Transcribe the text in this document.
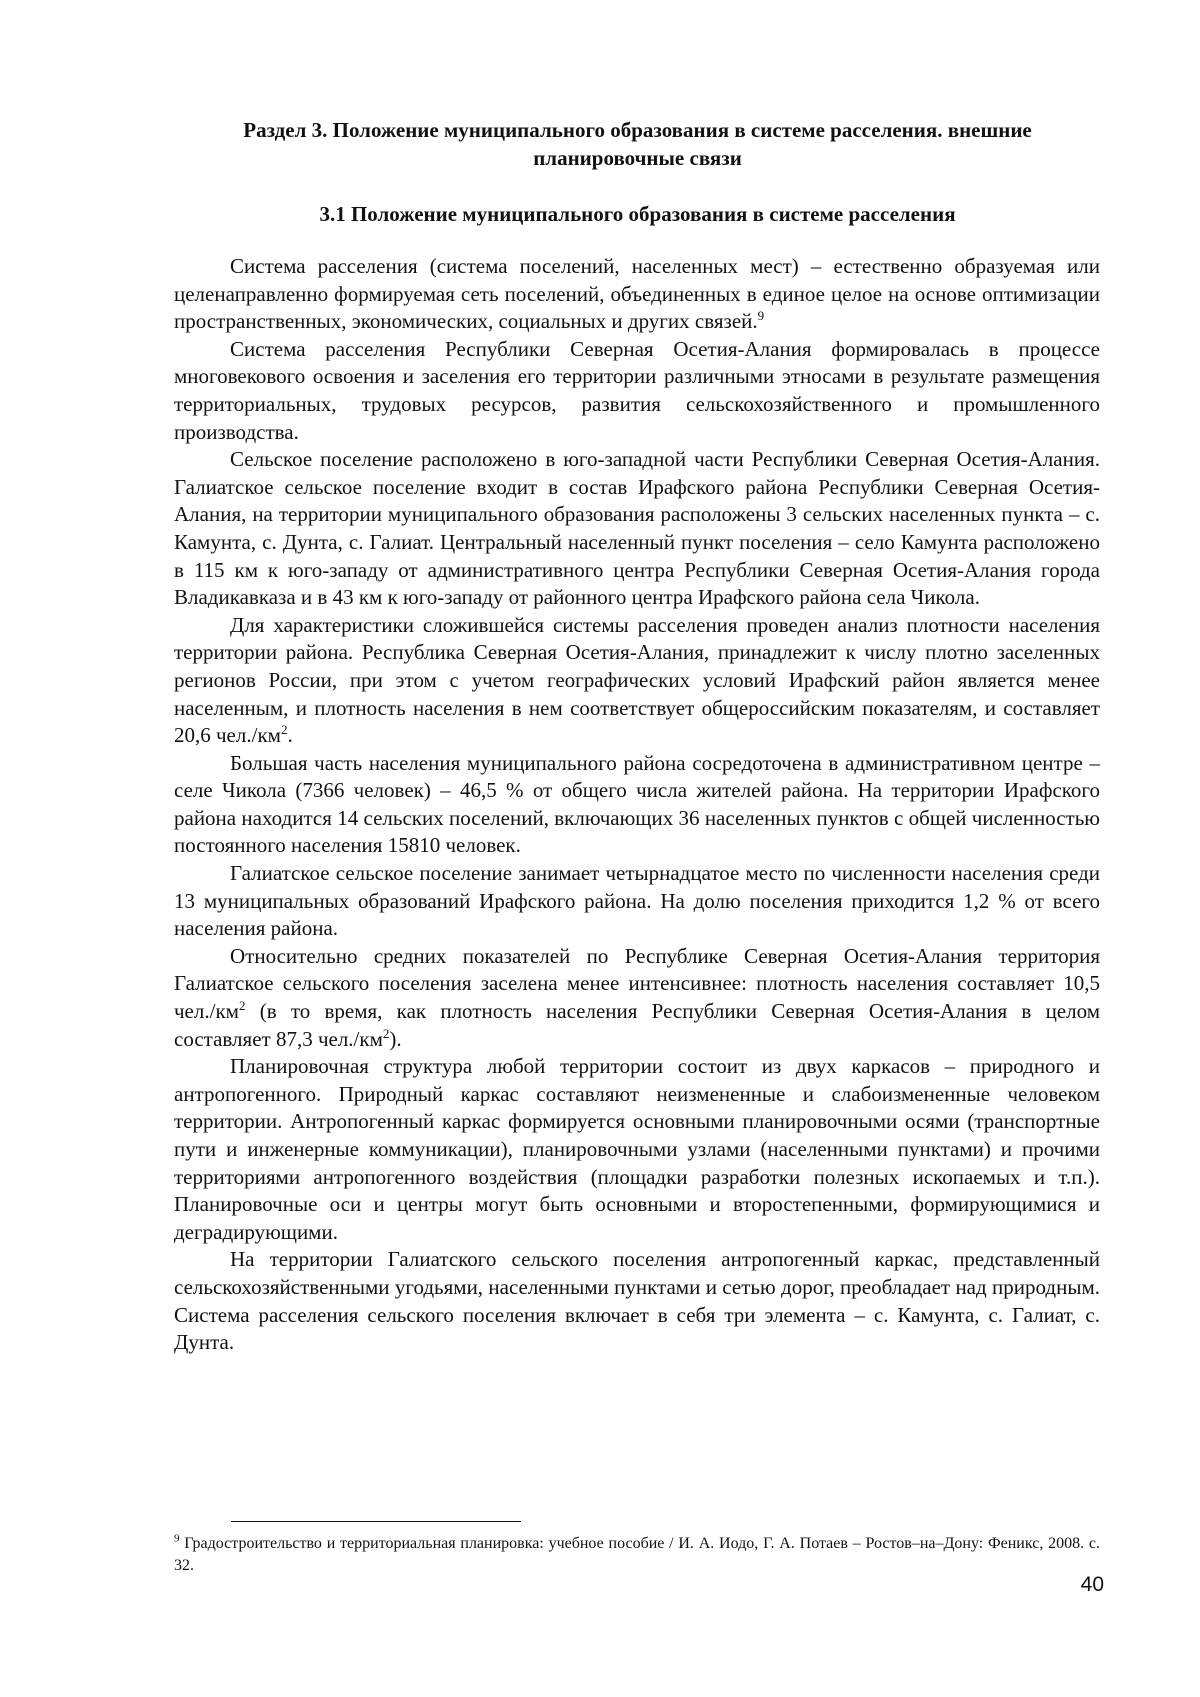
Раздел 3. Положение муниципального образования в системе расселения. внешние планировочные связи
3.1 Положение муниципального образования в системе расселения

Система расселения (система поселений, населенных мест) – естественно образуемая или целенаправленно формируемая сеть поселений, объединенных в единое целое на основе оптимизации пространственных, экономических, социальных и других связей.$^9$

Система расселения Республики Северная Осетия-Алания формировалась в процессе многовекового освоения и заселения его территории различными этносами в результате размещения территориальных, трудовых ресурсов, развития сельскохозяйственного и промышленного производства.

Сельское поселение расположено в юго-западной части Республики Северная Осетия-Алания. Галиатское сельское поселение входит в состав Ирафского района Республики Северная Осетия-Алания, на территории муниципального образования расположены 3 сельских населенных пункта – с. Камунта, с. Дунта, с. Галиат. Центральный населенный пункт поселения – село Камунта расположено в 115 км к юго-западу от административного центра Республики Северная Осетия-Алания города Владикавказа и в 43 км к юго-западу от районного центра Ирафского района села Чикола.

Для характеристики сложившейся системы расселения проведен анализ плотности населения территории района. Республика Северная Осетия-Алания, принадлежит к числу плотно заселенных регионов России, при этом с учетом географических условий Ирафский район является менее населенным, и плотность населения в нем соответствует общероссийским показателям, и составляет 20,6 $чел./км^2$.

Большая часть населения муниципального района сосредоточена в административном центре – селе Чикола (7366 человек) – 46,5 % от общего числа жителей района. На территории Ирафского района находится 14 сельских поселений, включающих 36 населенных пунктов с общей численностью постоянного населения 15810 человек.

Галиатское сельское поселение занимает четырнадцатое место по численности населения среди 13 муниципальных образований Ирафского района. На долю поселения приходится 1,2 % от всего населения района.

Относительно средних показателей по Республике Северная Осетия-Алания территория Галиатское сельского поселения заселена менее интенсивнее: плотность населения составляет 10,5 $чел./км^2$ (в то время, как плотность населения Республики Северная Осетия-Алания в целом составляет 87,3 $чел./км^2$).

Планировочная структура любой территории состоит из двух каркасов – природного и антропогенного. Природный каркас составляют неизмененные и слабоизмененные человеком территории. Антропогенный каркас формируется основными планировочными осями (транспортные пути и инженерные коммуникации), планировочными узлами (населенными пунктами) и прочими территориями антропогенного воздействия (площадки разработки полезных ископаемых и т.п.). Планировочные оси и центры могут быть основными и второстепенными, формирующимися и деградирующими.

На территории Галиатского сельского поселения антропогенный каркас, представленный сельскохозяйственными угодьями, населенными пунктами и сетью дорог, преобладает над природным. Система расселения сельского поселения включает в себя три элемента – с. Камунта, с. Галиат, с. Дунта.

$^9$ Градостроительство и территориальная планировка: учебное пособие / И. А. Иодо, Г. А. Потаев – Ростов–на–Дону: Феникс, 2008. с. 32.
40
